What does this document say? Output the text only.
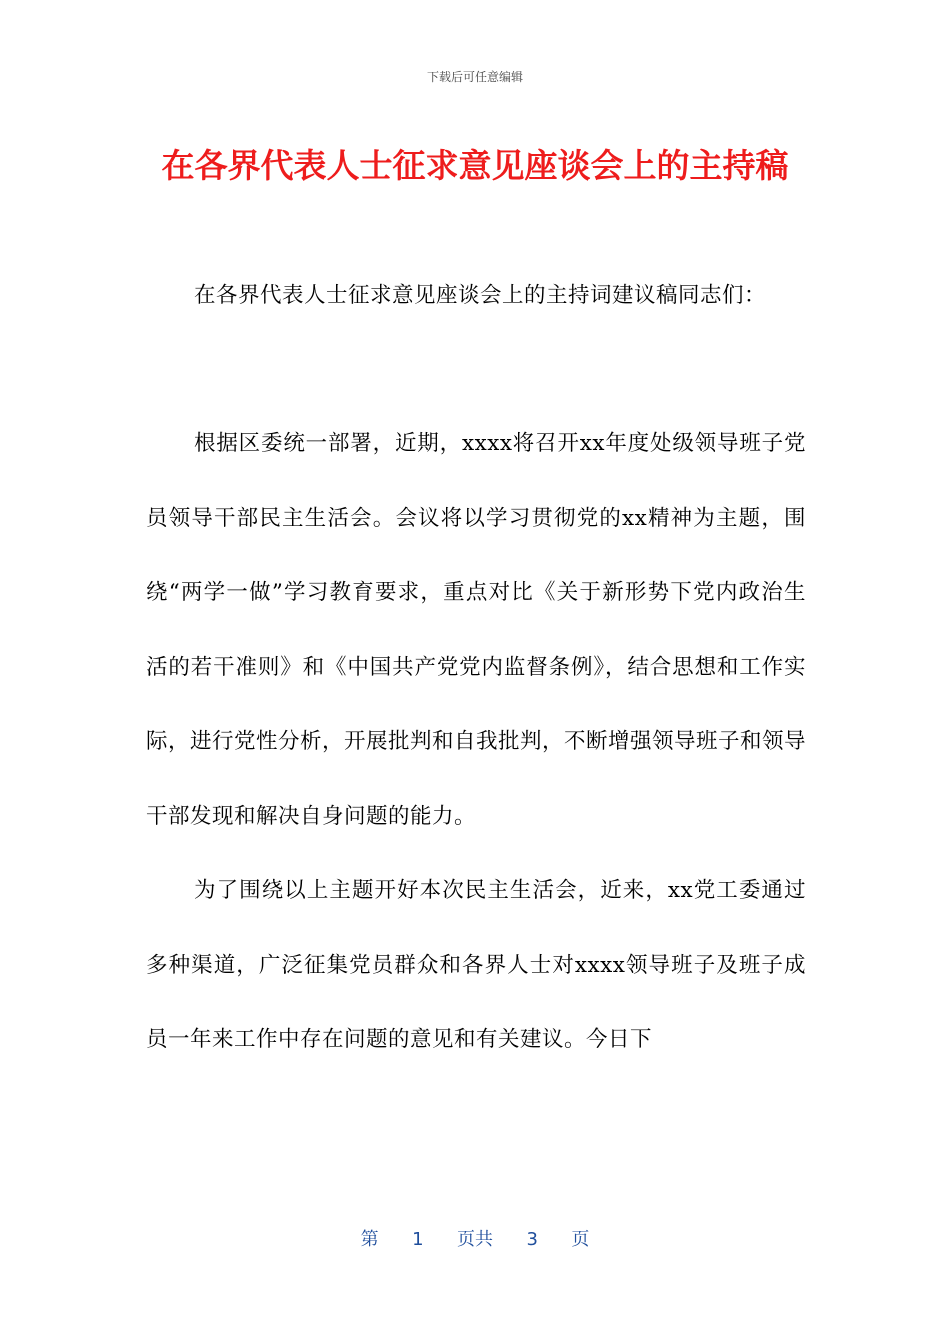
下载后可任意编辑
在各界代表人士征求意见座谈会上的主持稿
在各界代表人士征求意见座谈会上的主持词建议稿同志们：

根据区委统一部署，近期，xxxx将召开xx年度处级领导班子党员领导干部民主生活会。会议将以学习贯彻党的xx精神为主题，围绕“两学一做”学习教育要求，重点对比《关于新形势下党内政治生活的若干准则》和《中国共产党党内监督条例》，结合思想和工作实际，进行党性分析，开展批判和自我批判，不断增强领导班子和领导干部发现和解决自身问题的能力。

为了围绕以上主题开好本次民主生活会，近来，xx党工委通过多种渠道，广泛征集党员群众和各界人士对xxxx领导班子及班子成员一年来工作中存在问题的意见和有关建议。今日下

第 1 页共 3 页
